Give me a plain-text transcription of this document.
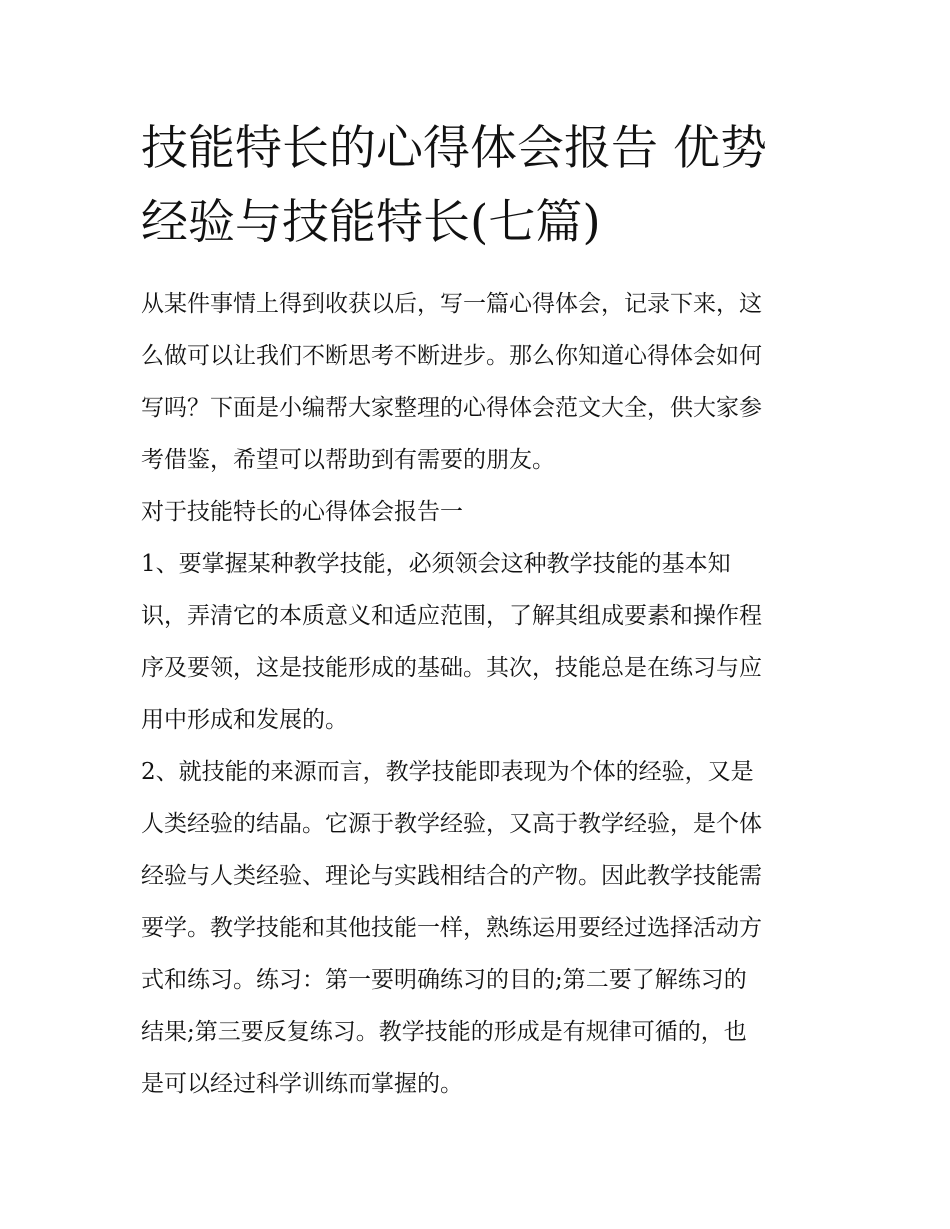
技能特长的心得体会报告 优势
经验与技能特长(七篇)
从某件事情上得到收获以后，写一篇心得体会，记录下来，这
么做可以让我们不断思考不断进步。那么你知道心得体会如何
写吗？下面是小编帮大家整理的心得体会范文大全，供大家参
考借鉴，希望可以帮助到有需要的朋友。
对于技能特长的心得体会报告一
1、要掌握某种教学技能，必须领会这种教学技能的基本知
识，弄清它的本质意义和适应范围，了解其组成要素和操作程
序及要领，这是技能形成的基础。其次，技能总是在练习与应
用中形成和发展的。
2、就技能的来源而言，教学技能即表现为个体的经验，又是
人类经验的结晶。它源于教学经验，又高于教学经验，是个体
经验与人类经验、理论与实践相结合的产物。因此教学技能需
要学。教学技能和其他技能一样，熟练运用要经过选择活动方
式和练习。练习：第一要明确练习的目的;第二要了解练习的
结果;第三要反复练习。教学技能的形成是有规律可循的，也
是可以经过科学训练而掌握的。
